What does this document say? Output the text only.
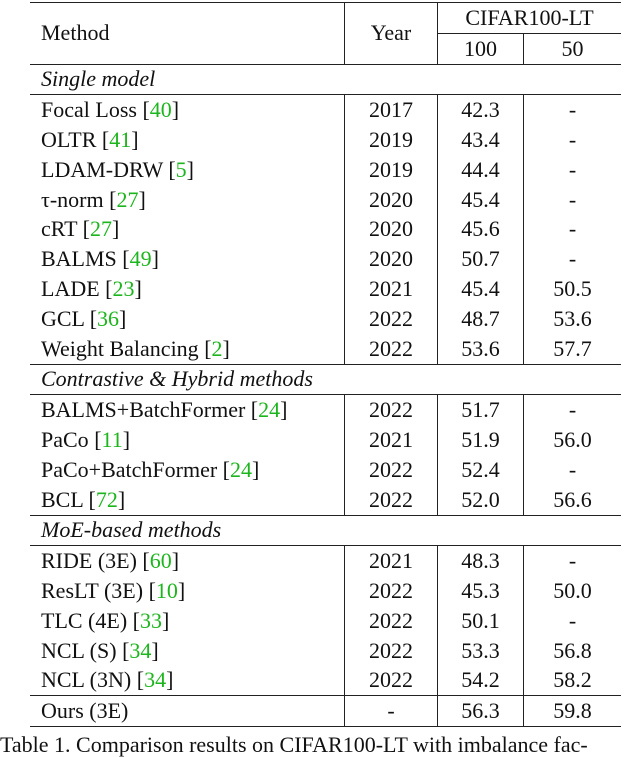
Method	Year	CIFAR100-LT	
		100	50
Single model			
Focal Loss [40]	2017	42.3	-
OLTR [41]	2019	43.4	-
LDAM-DRW [5]	2019	44.4	-
τ-norm [27]	2020	45.4	-
cRT [27]	2020	45.6	-
BALMS [49]	2020	50.7	-
LADE [23]	2021	45.4	50.5
GCL [36]	2022	48.7	53.6
Weight Balancing [2]	2022	53.6	57.7
Contrastive & Hybrid methods			
BALMS+BatchFormer [24]	2022	51.7	-
PaCo [11]	2021	51.9	56.0
PaCo+BatchFormer [24]	2022	52.4	-
BCL [72]	2022	52.0	56.6
MoE-based methods			
RIDE (3E) [60]	2021	48.3	-
ResLT (3E) [10]	2022	45.3	50.0
TLC (4E) [33]	2022	50.1	-
NCL (S) [34]	2022	53.3	56.8
NCL (3N) [34]	2022	54.2	58.2
Ours (3E)	-	56.3	59.8
Table 1. Comparison results on CIFAR100-LT with imbalance fac-
